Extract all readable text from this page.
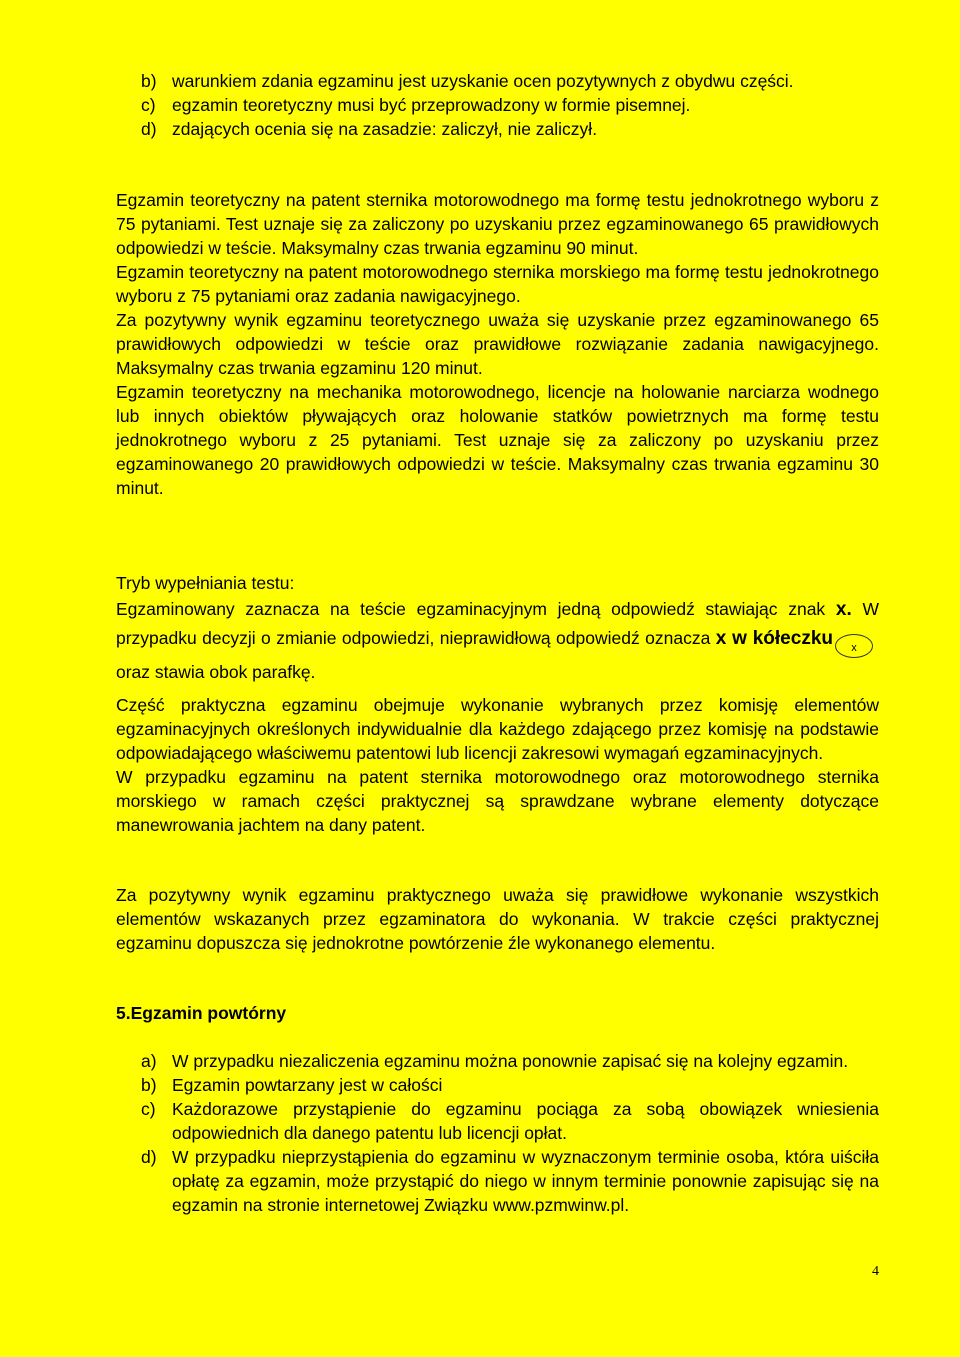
b) warunkiem zdania egzaminu jest uzyskanie ocen pozytywnych z obydwu części.
c) egzamin teoretyczny musi być przeprowadzony w formie pisemnej.
d) zdających ocenia się na zasadzie: zaliczył, nie zaliczył.

Egzamin teoretyczny na patent sternika motorowodnego ma formę testu jednokrotnego wyboru z 75 pytaniami. Test uznaje się za zaliczony po uzyskaniu przez egzaminowanego 65 prawidłowych odpowiedzi w teście. Maksymalny czas trwania egzaminu 90 minut.

Egzamin teoretyczny na patent motorowodnego sternika morskiego ma formę testu jednokrotnego wyboru z 75 pytaniami oraz zadania nawigacyjnego.

Za pozytywny wynik egzaminu teoretycznego uważa się uzyskanie przez egzaminowanego 65 prawidłowych odpowiedzi w teście oraz prawidłowe rozwiązanie zadania nawigacyjnego. Maksymalny czas trwania egzaminu 120 minut.

Egzamin teoretyczny na mechanika motorowodnego, licencje na holowanie narciarza wodnego lub innych obiektów pływających oraz holowanie statków powietrznych ma formę testu jednokrotnego wyboru z 25 pytaniami. Test uznaje się za zaliczony po uzyskaniu przez egzaminowanego 20 prawidłowych odpowiedzi w teście. Maksymalny czas trwania egzaminu 30 minut.

Tryb wypełniania testu:

Egzaminowany zaznacza na teście egzaminacyjnym jedną odpowiedź stawiając znak x. W przypadku decyzji o zmianie odpowiedzi, nieprawidłową odpowiedź oznacza x w kółeczku x oraz stawia obok parafkę.

Część praktyczna egzaminu obejmuje wykonanie wybranych przez komisję elementów egzaminacyjnych określonych indywidualnie dla każdego zdającego przez komisję na podstawie odpowiadającego właściwemu patentowi lub licencji zakresowi wymagań egzaminacyjnych.

W przypadku egzaminu na patent sternika motorowodnego oraz motorowodnego sternika morskiego w ramach części praktycznej są sprawdzane wybrane elementy dotyczące manewrowania jachtem na dany patent.

Za pozytywny wynik egzaminu praktycznego uważa się prawidłowe wykonanie wszystkich elementów wskazanych przez egzaminatora do wykonania. W trakcie części praktycznej egzaminu dopuszcza się jednokrotne powtórzenie źle wykonanego elementu.

5.Egzamin powtórny
a) W przypadku niezaliczenia egzaminu można ponownie zapisać się na kolejny egzamin.
b) Egzamin powtarzany jest w całości
c) Każdorazowe przystąpienie do egzaminu pociąga za sobą obowiązek wniesienia odpowiednich dla danego patentu lub licencji opłat.
d) W przypadku nieprzystąpienia do egzaminu w wyznaczonym terminie osoba, która uiściła opłatę za egzamin, może przystąpić do niego w innym terminie ponownie zapisując się na egzamin na stronie internetowej Związku www.pzmwinw.pl.
4
